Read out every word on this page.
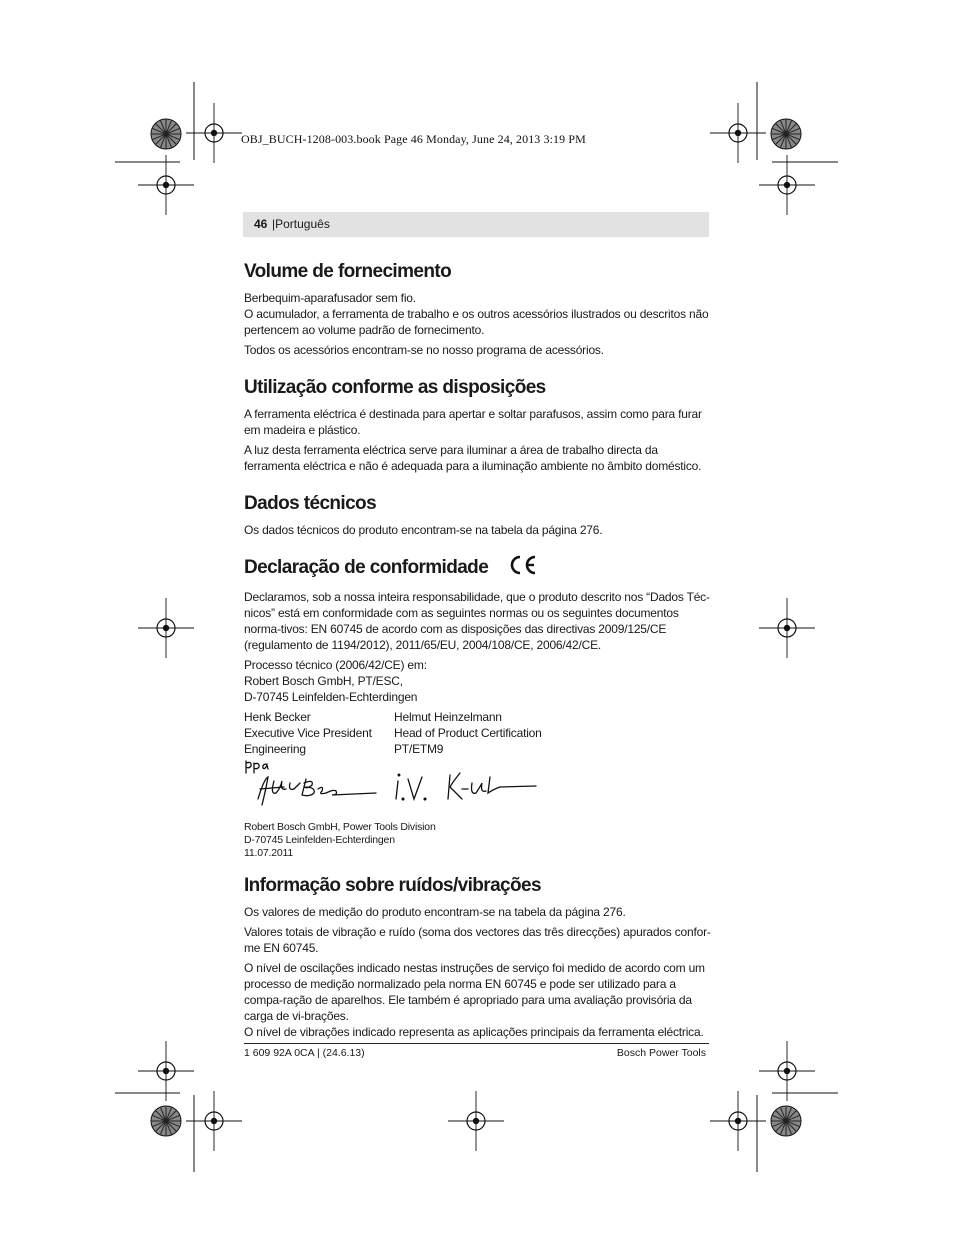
OBJ_BUCH-1208-003.book Page 46 Monday, June 24, 2013 3:19 PM
46 |Português
Volume de fornecimento

Berbequim-aparafusador sem fio.

O acumulador, a ferramenta de trabalho e os outros acessórios ilustrados ou descritos não pertencem ao volume padrão de fornecimento.

Todos os acessórios encontram-se no nosso programa de acessórios.

Utilização conforme as disposições

A ferramenta eléctrica é destinada para apertar e soltar parafusos, assim como para furar em madeira e plástico.

A luz desta ferramenta eléctrica serve para iluminar a área de trabalho directa da ferramenta eléctrica e não é adequada para a iluminação ambiente no âmbito doméstico.

Dados técnicos

Os dados técnicos do produto encontram-se na tabela da página 276.

Declaração de conformidade

Declaramos, sob a nossa inteira responsabilidade, que o produto descrito nos “Dados Téc-nicos” está em conformidade com as seguintes normas ou os seguintes documentos norma-tivos: EN 60745 de acordo com as disposições das directivas 2009/125/CE (regulamento de 1194/2012), 2011/65/EU, 2004/108/CE, 2006/42/CE.

Processo técnico (2006/42/CE) em:

Robert Bosch GmbH, PT/ESC,

D-70745 Leinfelden-Echterdingen

Henk Becker

Executive Vice President

Engineering

Helmut Heinzelmann

Head of Product Certification

PT/ETM9

Robert Bosch GmbH, Power Tools Division

D-70745 Leinfelden-Echterdingen

11.07.2011

Informação sobre ruídos/vibrações

Os valores de medição do produto encontram-se na tabela da página 276.

Valores totais de vibração e ruído (soma dos vectores das três direcções) apurados confor-me EN 60745.

O nível de oscilações indicado nestas instruções de serviço foi medido de acordo com um processo de medição normalizado pela norma EN 60745 e pode ser utilizado para a compa-ração de aparelhos. Ele também é apropriado para uma avaliação provisória da carga de vi-brações.

O nível de vibrações indicado representa as aplicações principais da ferramenta eléctrica.

1 609 92A 0CA | (24.6.13)	Bosch Power Tools
